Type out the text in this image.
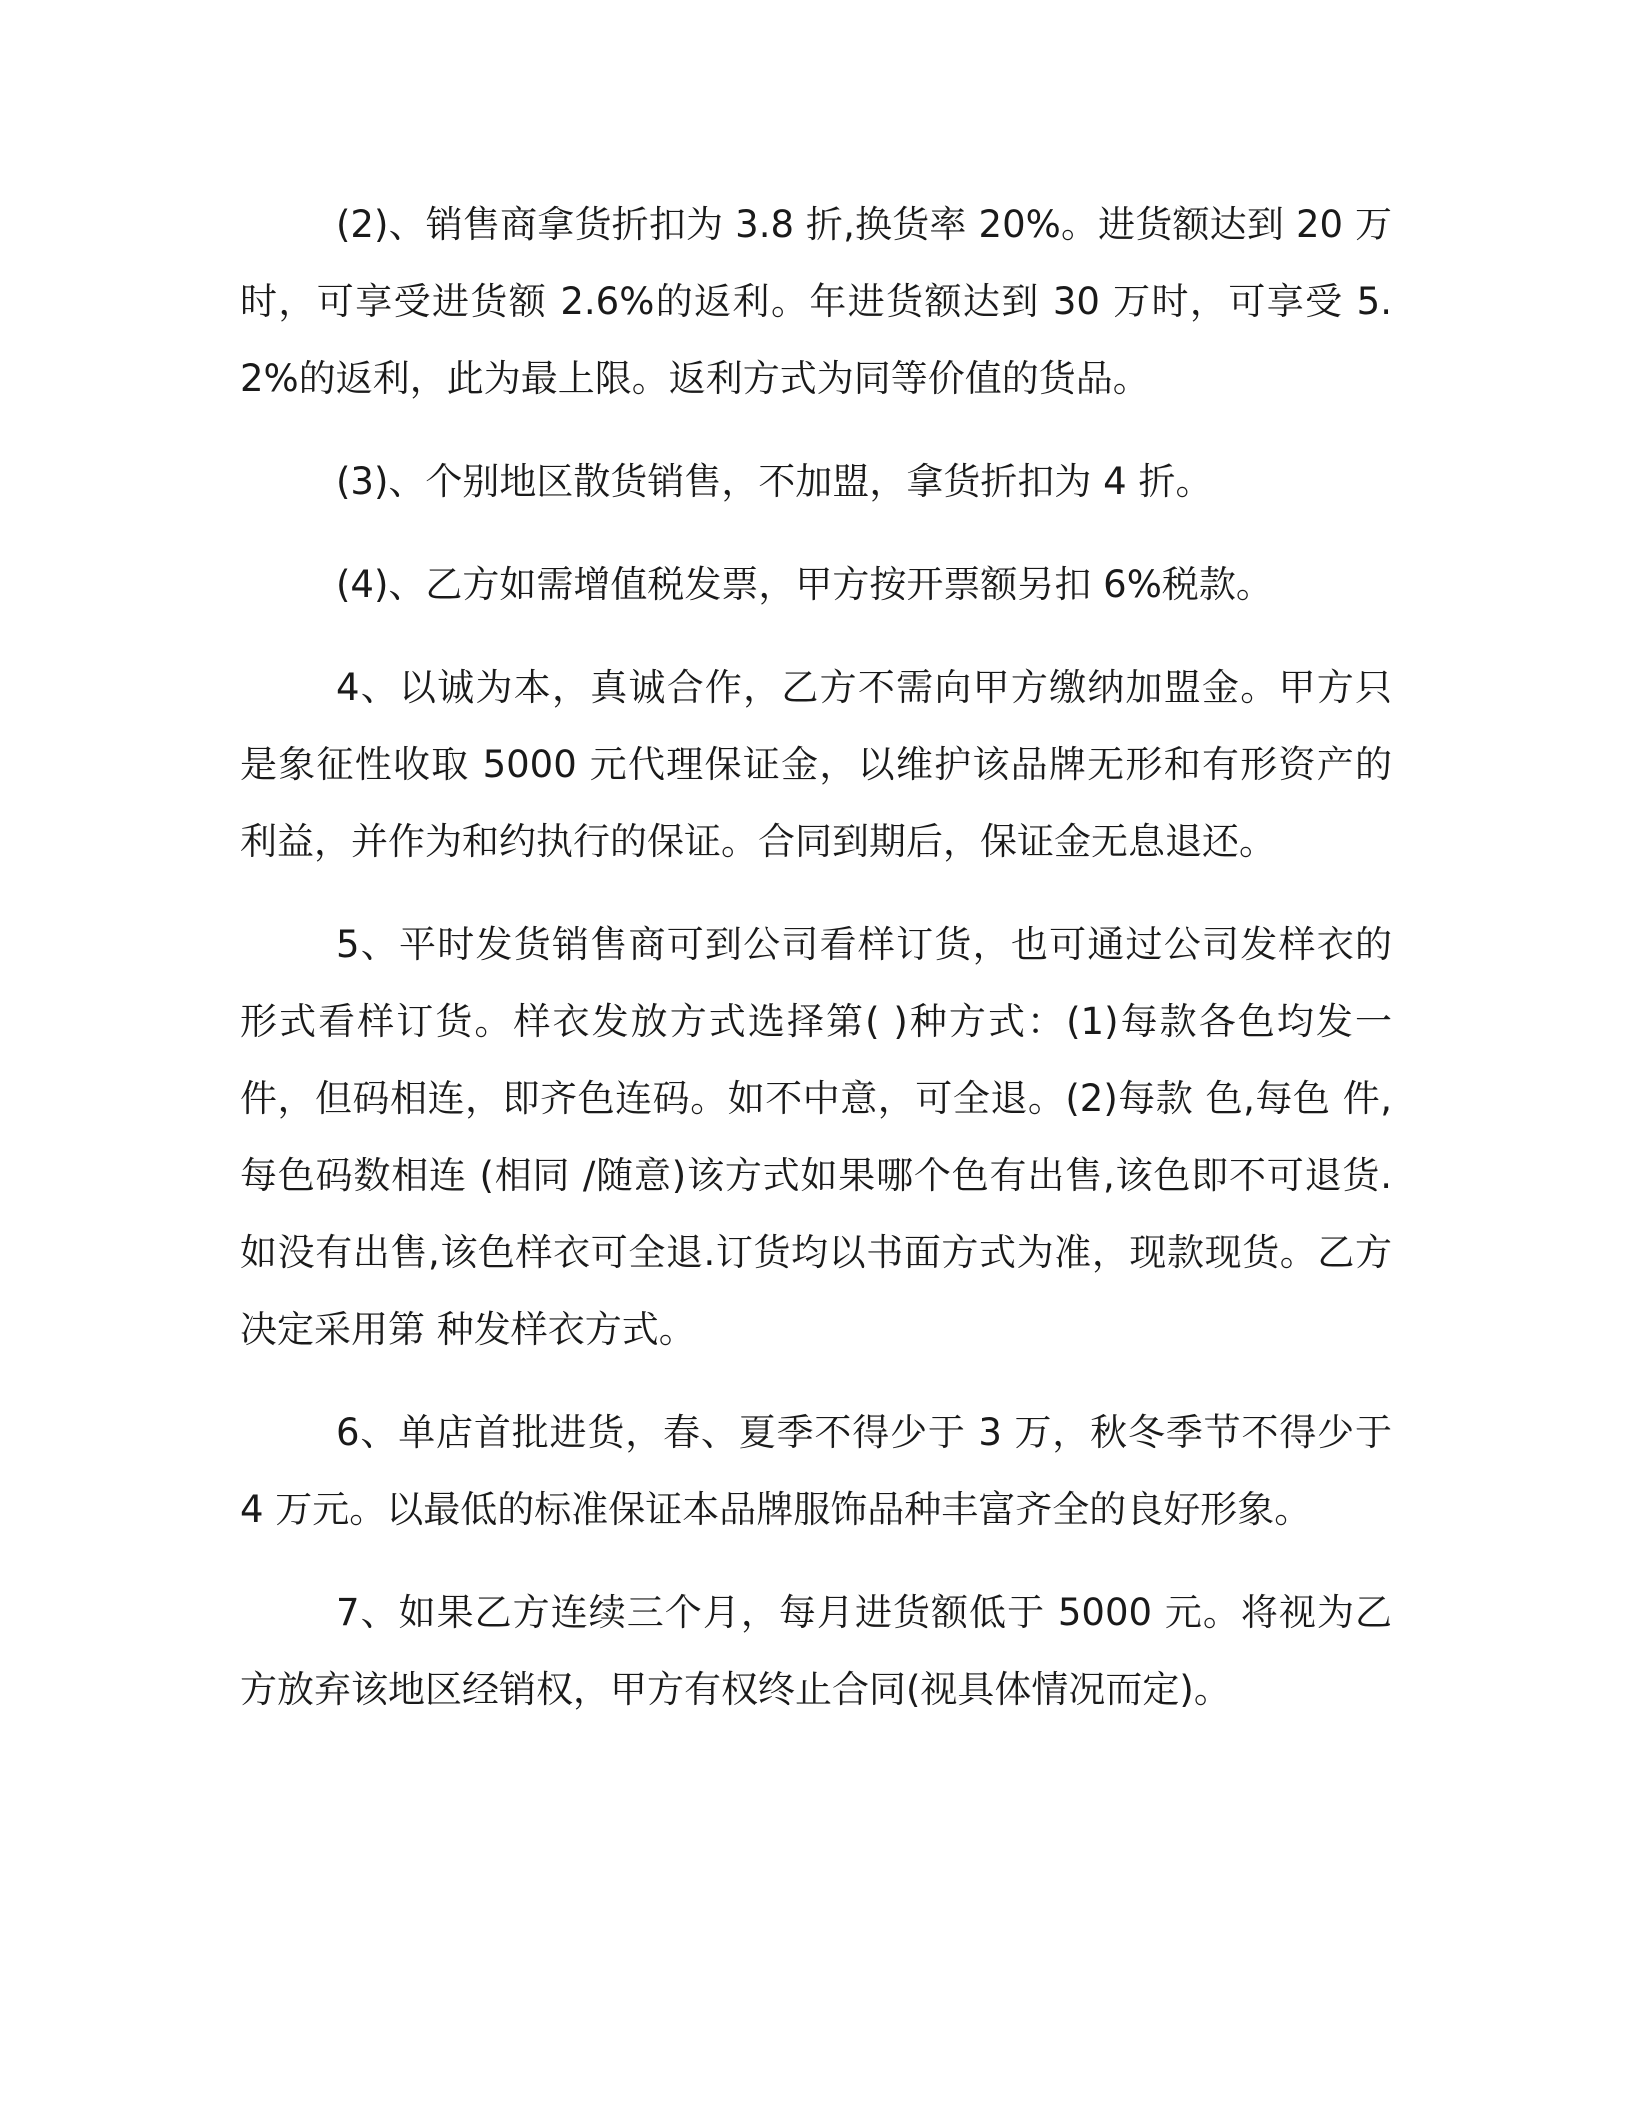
(2)、销售商拿货折扣为 3.8 折,换货率 20%。进货额达到 20 万时，可享受进货额 2.6%的返利。年进货额达到 30 万时，可享受 5.2%的返利，此为最上限。返利方式为同等价值的货品。

(3)、个别地区散货销售，不加盟，拿货折扣为 4 折。

(4)、乙方如需增值税发票，甲方按开票额另扣 6%税款。

4、以诚为本，真诚合作，乙方不需向甲方缴纳加盟金。甲方只是象征性收取 5000 元代理保证金，以维护该品牌无形和有形资产的利益，并作为和约执行的保证。合同到期后，保证金无息退还。

5、平时发货销售商可到公司看样订货，也可通过公司发样衣的形式看样订货。样衣发放方式选择第( )种方式：(1)每款各色均发一件，但码相连，即齐色连码。如不中意，可全退。(2)每款 色,每色 件,每色码数相连 (相同 /随意)该方式如果哪个色有出售,该色即不可退货.如没有出售,该色样衣可全退.订货均以书面方式为准，现款现货。乙方决定采用第 种发样衣方式。

6、单店首批进货，春、夏季不得少于 3 万，秋冬季节不得少于 4 万元。以最低的标准保证本品牌服饰品种丰富齐全的良好形象。

7、如果乙方连续三个月，每月进货额低于 5000 元。将视为乙方放弃该地区经销权，甲方有权终止合同(视具体情况而定)。
